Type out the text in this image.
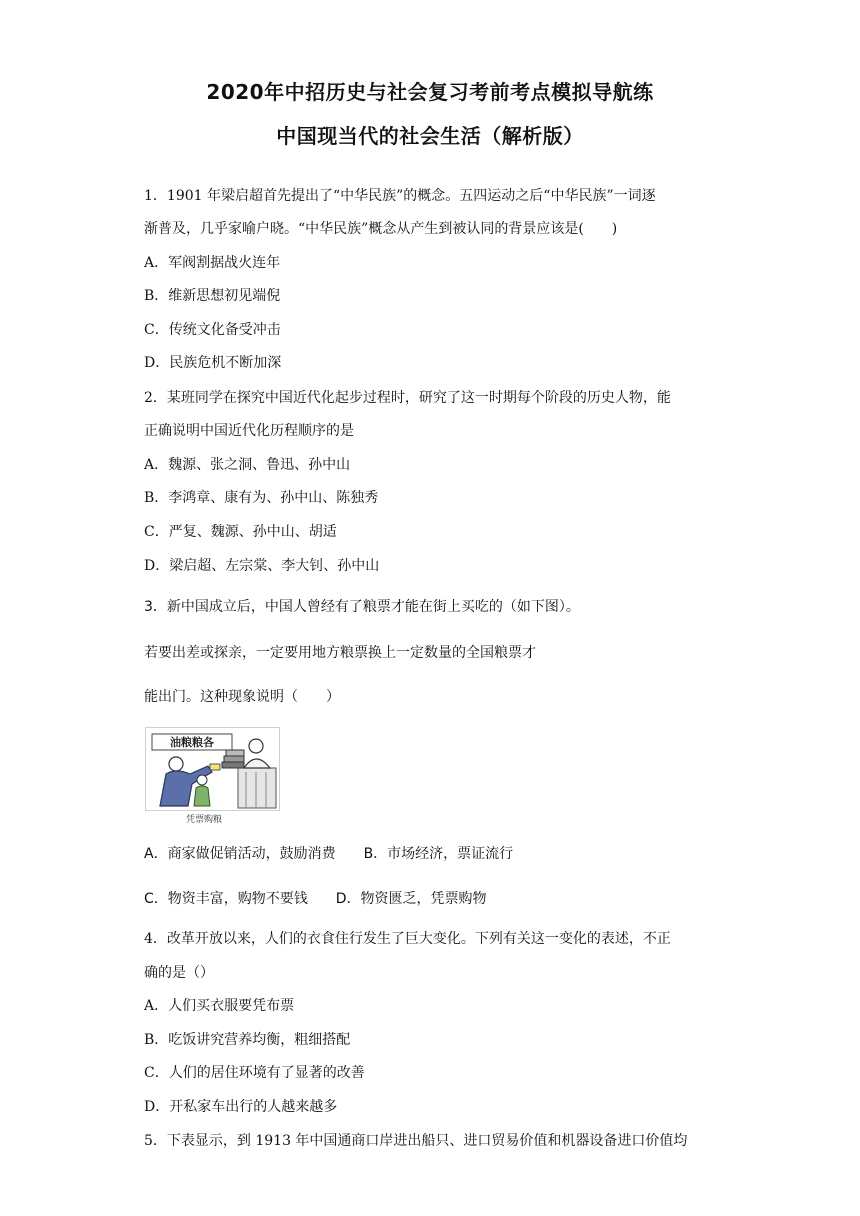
2020年中招历史与社会复习考前考点模拟导航练
中国现当代的社会生活（解析版）
1．1901 年梁启超首先提出了“中华民族”的概念。五四运动之后“中华民族”一词逐
渐普及，几乎家喻户晓。“中华民族”概念从产生到被认同的背景应该是(　　)
A．军阀割据战火连年
B．维新思想初见端倪
C．传统文化备受冲击
D．民族危机不断加深
2．某班同学在探究中国近代化起步过程时，研究了这一时期每个阶段的历史人物，能
正确说明中国近代化历程顺序的是
A．魏源、张之洞、鲁迅、孙中山
B．李鸿章、康有为、孙中山、陈独秀
C．严复、魏源、孙中山、胡适
D．梁启超、左宗棠、李大钊、孙中山
3．新中国成立后，中国人曾经有了粮票才能在街上买吃的（如下图）。
若要出差或探亲，一定要用地方粮票换上一定数量的全国粮票才
能出门。这种现象说明（　　）
油粮粮各
凭票购粮
A．商家做促销活动，鼓励消费　　B．市场经济，票证流行
C．物资丰富，购物不要钱　　D．物资匮乏，凭票购物
4．改革开放以来，人们的衣食住行发生了巨大变化。下列有关这一变化的表述，不正
确的是（）
A．人们买衣服要凭布票
B．吃饭讲究营养均衡，粗细搭配
C．人们的居住环境有了显著的改善
D．开私家车出行的人越来越多
5．下表显示，到 1913 年中国通商口岸进出船只、进口贸易价值和机器设备进口价值均
